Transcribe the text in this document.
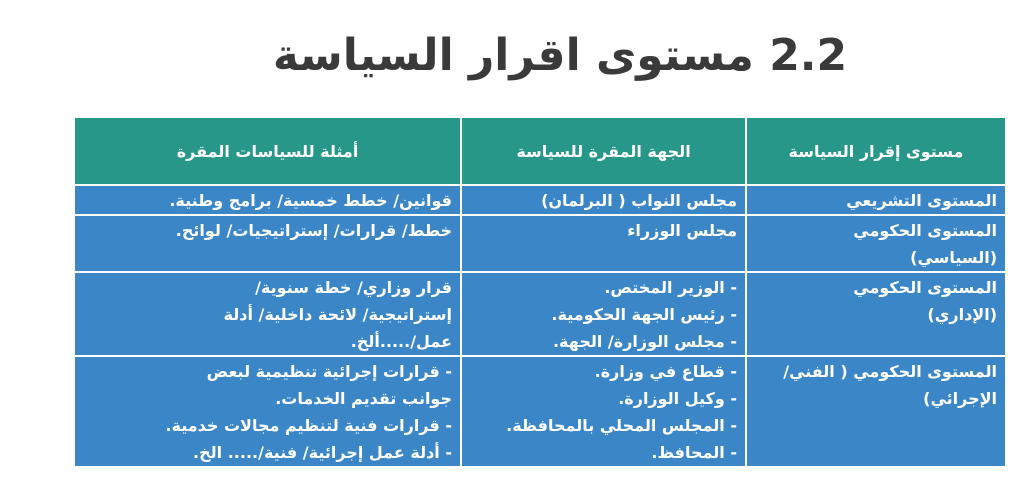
2.2 مستوى اقرار السياسة
مستوى إقرار السياسة	الجهة المقرة للسياسة	أمثلة للسياسات المقرة

المستوى التشريعي	مجلس النواب ( البرلمان)	قوانين/ خطط خمسية/ برامج وطنية.

المستوى الحكومي
(السياسي)	مجلس الوزراء	خطط/ قرارات/ إستراتيجيات/ لوائح.

المستوى الحكومي
(الإداري)	- الوزير المختص.
- رئيس الجهة الحكومية.
- مجلس الوزارة/ الجهة.	قرار وزاري/ خطة سنوية/
إستراتيجية/ لائحة داخلية/ أدلة
عمل/.....ألخ.

المستوى الحكومي ( الفني/
الإجرائي)	- قطاع في وزارة.
- وكيل الوزارة.
- المجلس المحلي بالمحافظة.
- المحافظ.	- قرارات إجرائية تنظيمية لبعض
جوانب تقديم الخدمات.
- قرارات فنية لتنظيم مجالات خدمية.
- أدلة عمل إجرائية/ فنية/..... الخ.
